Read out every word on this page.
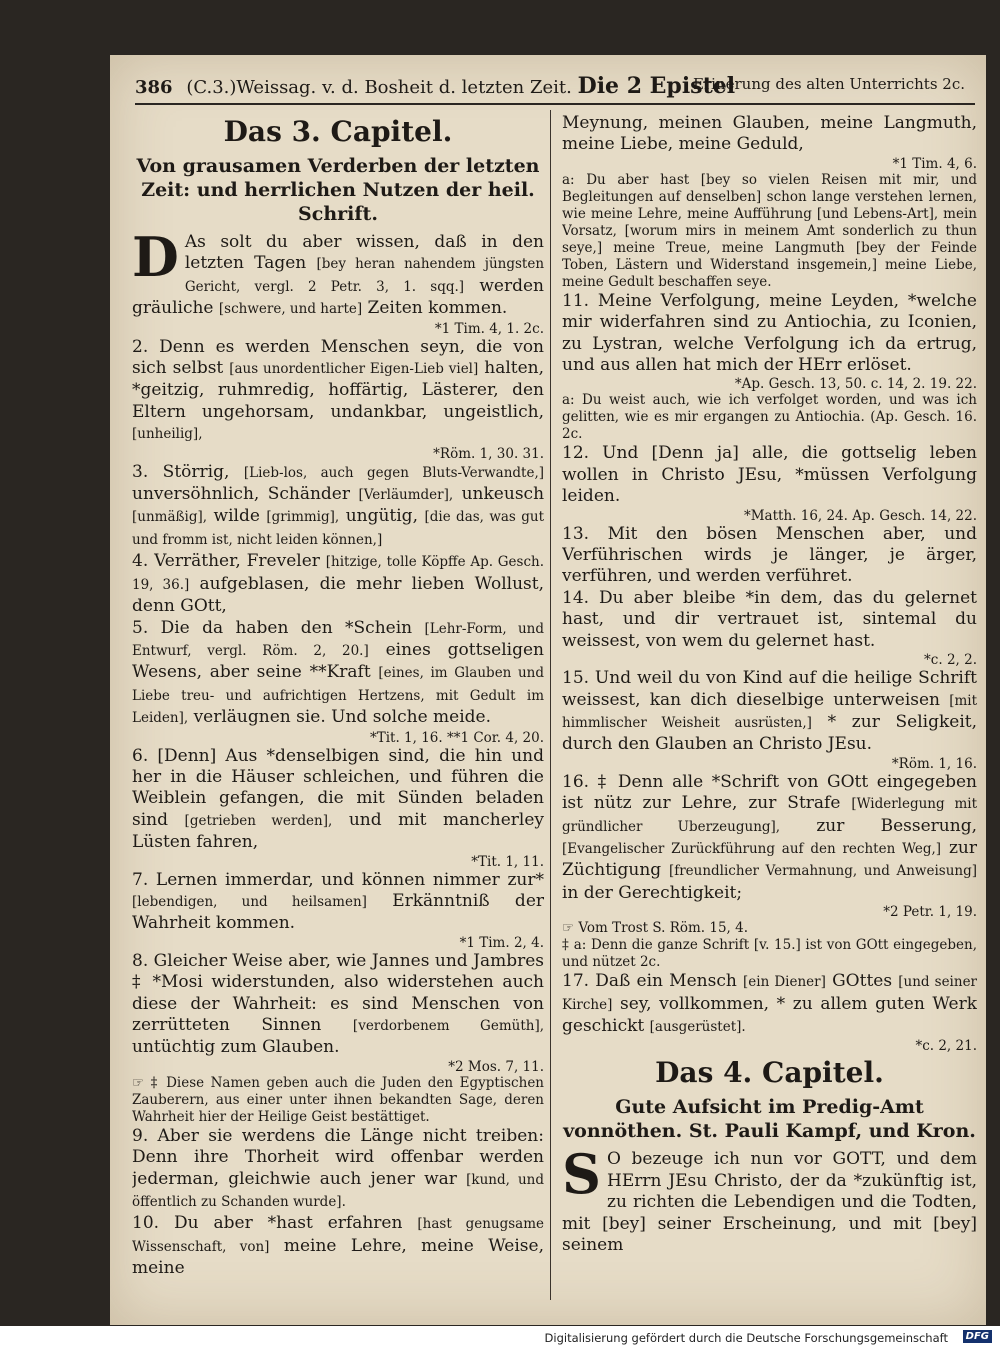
386 (C.3.)Weissag. v. d. Bosheit d. letzten Zeit. Die 2 Epistel
Erinerung des alten Unterrichts 2c.
Das 3. Capitel.
Von grausamen Verderben der letzten Zeit: und herrlichen Nutzen der heil. Schrift.

D As solt du aber wissen, daß in den letzten Tagen [bey heran nahendem jüngsten Gericht, vergl. 2 Petr. 3, 1. sqq.] werden gräuliche [schwere, und harte] Zeiten kommen.
*1 Tim. 4, 1. 2c.

2. Denn es werden Menschen seyn, die von sich selbst [aus unordentlicher Eigen-Lieb viel] halten, *geitzig, ruhmredig, hoffärtig, Lästerer, den Eltern ungehorsam, undankbar, ungeistlich, [unheilig],
*Röm. 1, 30. 31.

3. Störrig, [Lieb-los, auch gegen Bluts-Verwandte,] unversöhnlich, Schänder [Verläumder], unkeusch [unmäßig], wilde [grimmig], ungütig, [die das, was gut und fromm ist, nicht leiden können,]

4. Verräther, Freveler [hitzige, tolle Köpffe Ap. Gesch. 19, 36.] aufgeblasen, die mehr lieben Wollust, denn GOtt,

5. Die da haben den *Schein [Lehr-Form, und Entwurf, vergl. Röm. 2, 20.] eines gottseligen Wesens, aber seine **Kraft [eines, im Glauben und Liebe treu- und aufrichtigen Hertzens, mit Gedult im Leiden], verläugnen sie. Und solche meide.
*Tit. 1, 16. **1 Cor. 4, 20.

6. [Denn] Aus *denselbigen sind, die hin und her in die Häuser schleichen, und führen die Weiblein gefangen, die mit Sünden beladen sind [getrieben werden], und mit mancherley Lüsten fahren,
*Tit. 1, 11.

7. Lernen immerdar, und können nimmer zur* [lebendigen, und heilsamen] Erkänntniß der Wahrheit kommen.
*1 Tim. 2, 4.

8. Gleicher Weise aber, wie Jannes und Jambres ‡ *Mosi widerstunden, also widerstehen auch diese der Wahrheit: es sind Menschen von zerrütteten Sinnen [verdorbenem Gemüth], untüchtig zum Glauben.
*2 Mos. 7, 11.

☞ ‡ Diese Namen geben auch die Juden den Egyptischen Zauberern, aus einer unter ihnen bekandten Sage, deren Wahrheit hier der Heilige Geist bestättiget.

9. Aber sie werdens die Länge nicht treiben: Denn ihre Thorheit wird offenbar werden jederman, gleichwie auch jener war [kund, und öffentlich zu Schanden wurde].

10. Du aber *hast erfahren [hast genugsame Wissenschaft, von] meine Lehre, meine Weise, meine

Meynung, meinen Glauben, meine Langmuth, meine Liebe, meine Geduld,
*1 Tim. 4, 6.

a: Du aber hast [bey so vielen Reisen mit mir, und Begleitungen auf denselben] schon lange verstehen lernen, wie meine Lehre, meine Aufführung [und Lebens-Art], mein Vorsatz, [worum mirs in meinem Amt sonderlich zu thun seye,] meine Treue, meine Langmuth [bey der Feinde Toben, Lästern und Widerstand insgemein,] meine Liebe, meine Gedult beschaffen seye.

11. Meine Verfolgung, meine Leyden, *welche mir widerfahren sind zu Antiochia, zu Iconien, zu Lystran, welche Verfolgung ich da ertrug, und aus allen hat mich der HErr erlöset.
*Ap. Gesch. 13, 50. c. 14, 2. 19. 22.

a: Du weist auch, wie ich verfolget worden, und was ich gelitten, wie es mir ergangen zu Antiochia. (Ap. Gesch. 16. 2c.

12. Und [Denn ja] alle, die gottselig leben wollen in Christo JEsu, *müssen Verfolgung leiden.
*Matth. 16, 24. Ap. Gesch. 14, 22.

13. Mit den bösen Menschen aber, und Verführischen wirds je länger, je ärger, verführen, und werden verführet.

14. Du aber bleibe *in dem, das du gelernet hast, und dir vertrauet ist, sintemal du weissest, von wem du gelernet hast.
*c. 2, 2.

15. Und weil du von Kind auf die heilige Schrift weissest, kan dich dieselbige unterweisen [mit himmlischer Weisheit ausrüsten,] * zur Seligkeit, durch den Glauben an Christo JEsu.
*Röm. 1, 16.

16. ‡ Denn alle *Schrift von GOtt eingegeben ist nütz zur Lehre, zur Strafe [Widerlegung mit gründlicher Uberzeugung], zur Besserung, [Evangelischer Zurückführung auf den rechten Weg,] zur Züchtigung [freundlicher Vermahnung, und Anweisung] in der Gerechtigkeit;
*2 Petr. 1, 19.

☞ Vom Trost S. Röm. 15, 4.

‡ a: Denn die ganze Schrift [v. 15.] ist von GOtt eingegeben, und nützet 2c.

17. Daß ein Mensch [ein Diener] GOttes [und seiner Kirche] sey, vollkommen, * zu allem guten Werk geschickt [ausgerüstet].
*c. 2, 21.

Das 4. Capitel.
Gute Aufsicht im Predig-Amt vonnöthen. St. Pauli Kampf, und Kron.

S O bezeuge ich nun vor GOTT, und dem HErrn JEsu Christo, der da *zukünftig ist, zu richten die Lebendigen und die Todten, mit [bey] seiner Erscheinung, und mit [bey] seinem

Digitalisierung gefördert durch die Deutsche Forschungsgemeinschaft	DFG
